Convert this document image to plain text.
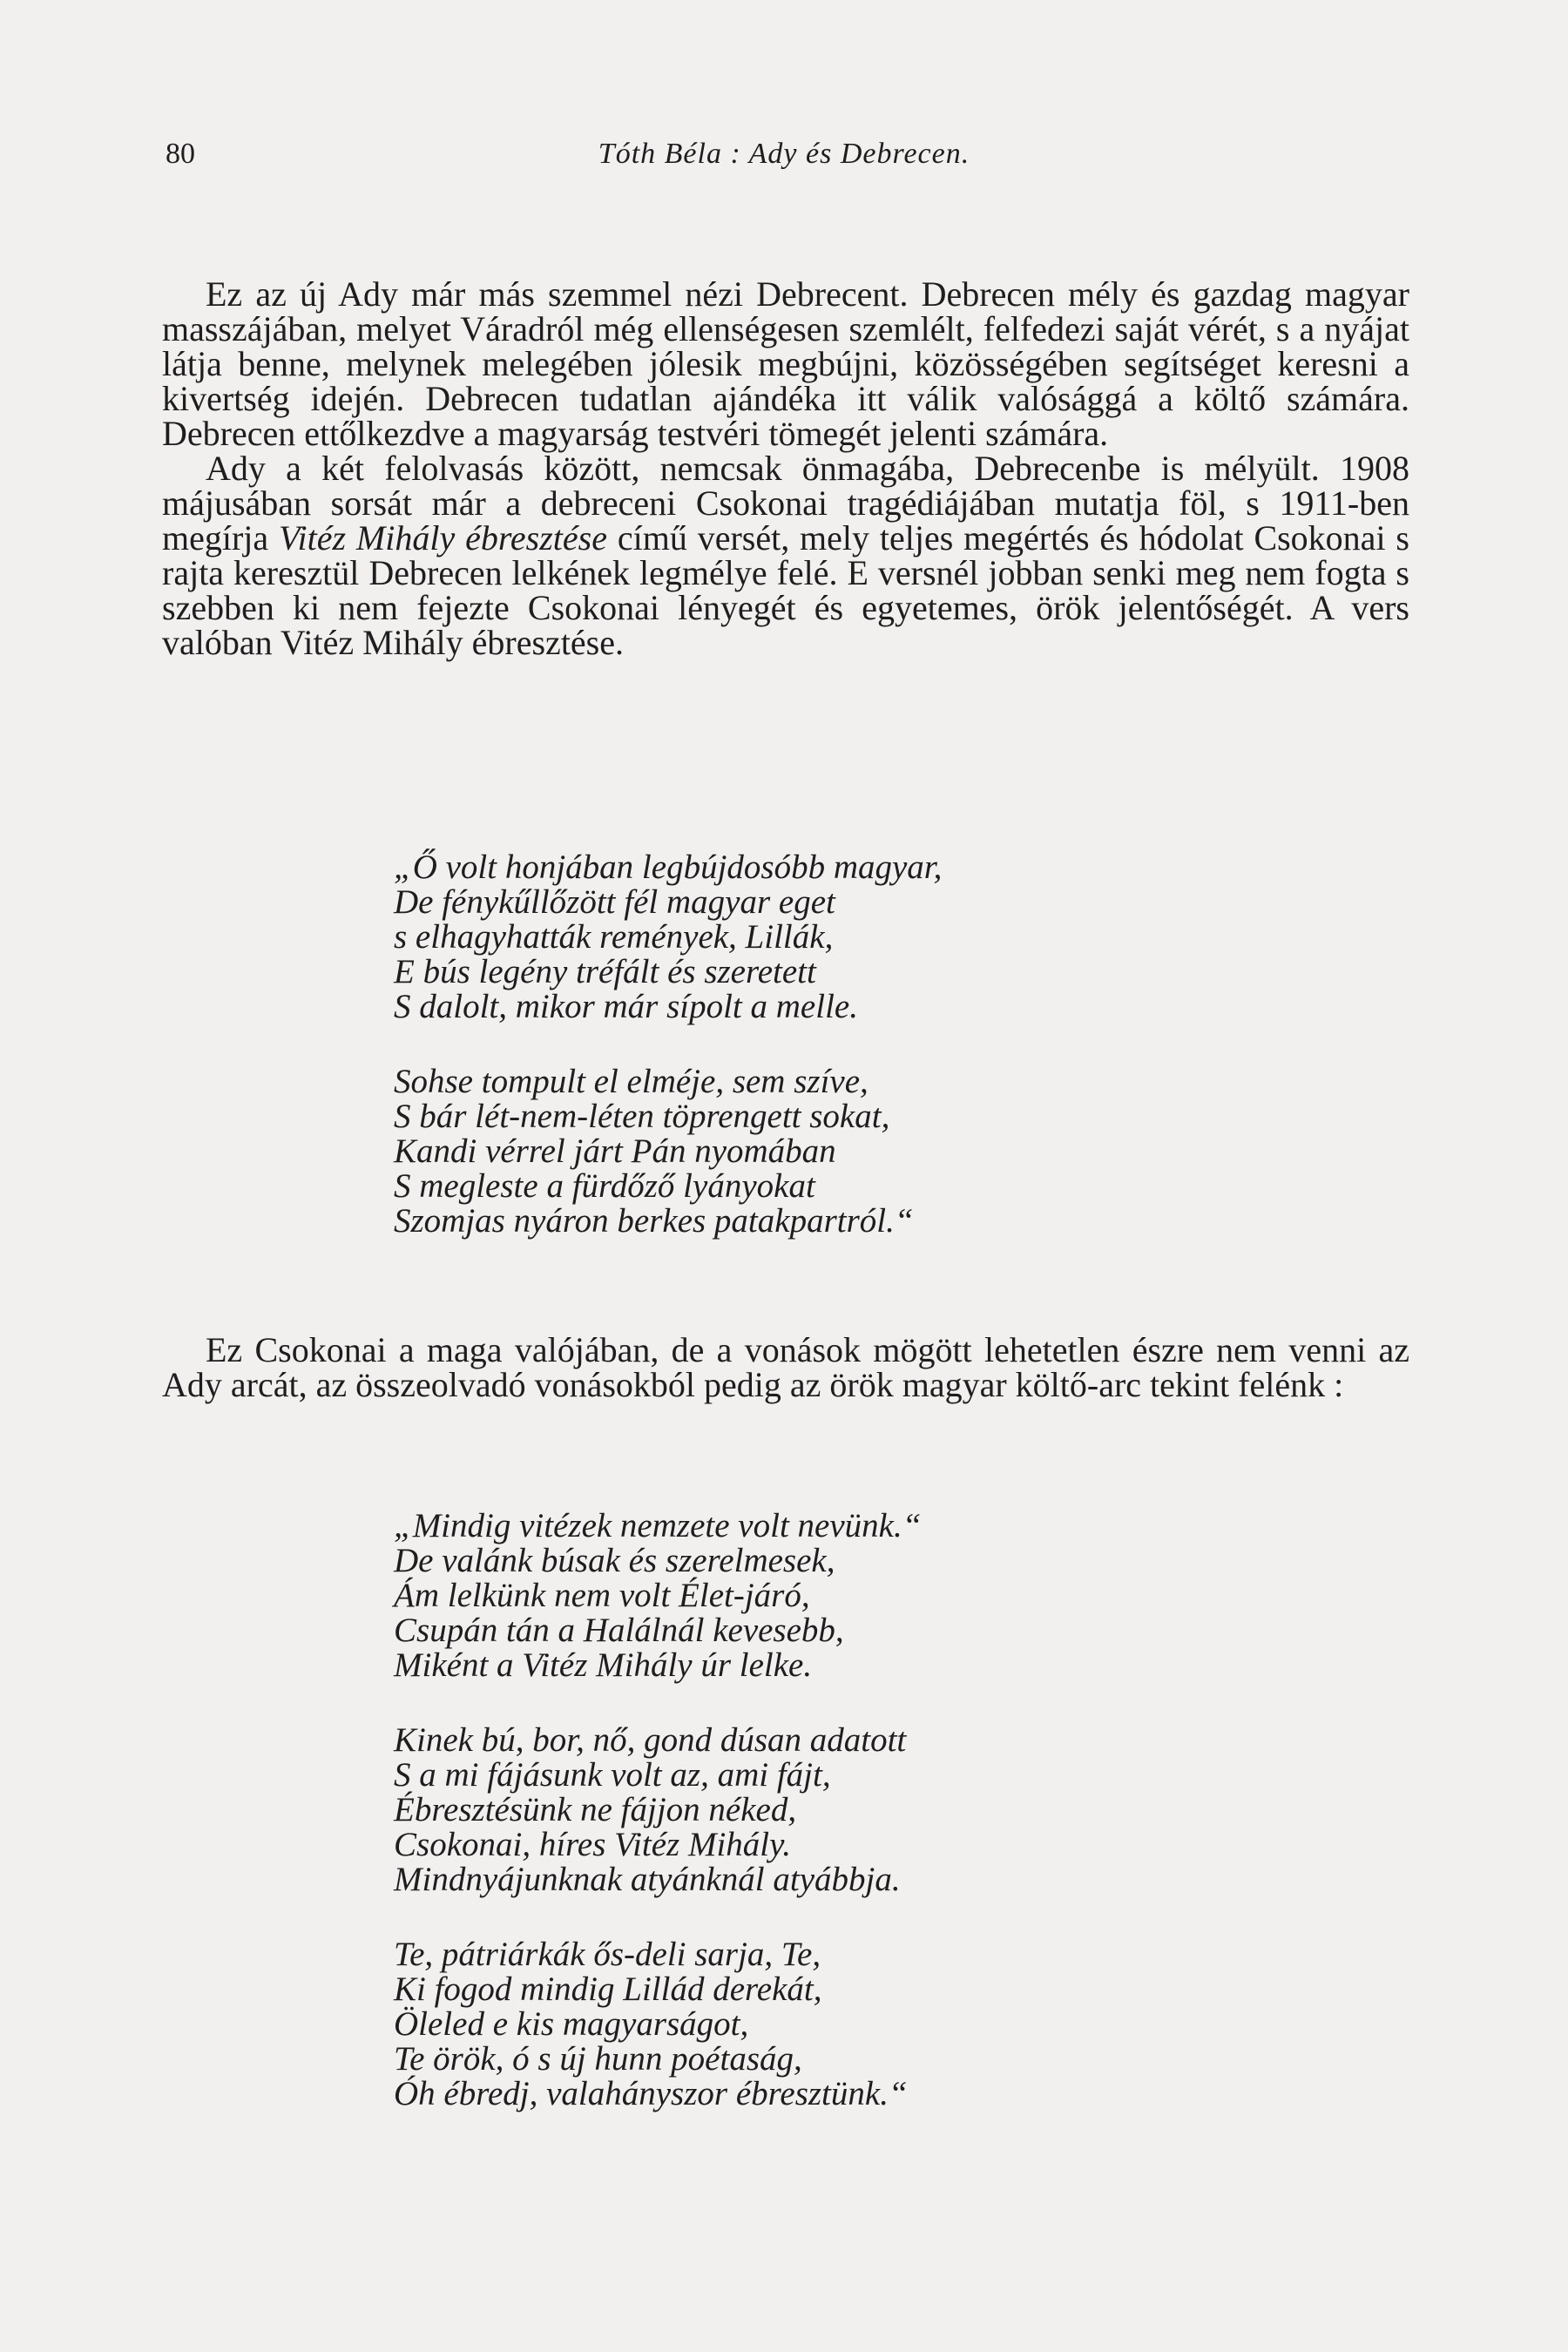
80	Tóth Béla : Ady és Debrecen.

Ez az új Ady már más szemmel nézi Debrecent. Debrecen mély és gazdag magyar masszájában, melyet Váradról még ellenségesen szemlélt, felfedezi saját vérét, s a nyájat látja benne, melynek melegében jólesik megbújni, közösségében segítséget keresni a kivertség idején. Debrecen tudatlan ajándéka itt válik valósággá a költő számára. Debrecen ettőlkezdve a magyarság testvéri tömegét jelenti számára.

Ady a két felolvasás között, nemcsak önmagába, Debrecenbe is mélyült. 1908 májusában sorsát már a debreceni Csokonai tragédiájában mutatja föl, s 1911-ben megírja Vitéz Mihály ébresztése című versét, mely teljes megértés és hódolat Csokonai s rajta keresztül Debrecen lelkének legmélye felé. E versnél jobban senki meg nem fogta s szebben ki nem fejezte Csokonai lényegét és egyetemes, örök jelentőségét. A vers valóban Vitéz Mihály ébresztése.

„Ő volt honjában legbújdosóbb magyar,
De fénykűllőzött fél magyar eget
s elhagyhatták remények, Lillák,
E bús legény tréfált és szeretett
S dalolt, mikor már sípolt a melle.
Sohse tompult el elméje, sem szíve,
S bár lét-nem-léten töprengett sokat,
Kandi vérrel járt Pán nyomában
S megleste a fürdőző lyányokat
Szomjas nyáron berkes patakpartról.“

Ez Csokonai a maga valójában, de a vonások mögött lehetetlen észre nem venni az Ady arcát, az összeolvadó vonásokból pedig az örök magyar költő-arc tekint felénk :

„Mindig vitézek nemzete volt nevünk.“
De valánk búsak és szerelmesek,
Ám lelkünk nem volt Élet-járó,
Csupán tán a Halálnál kevesebb,
Miként a Vitéz Mihály úr lelke.
Kinek bú, bor, nő, gond dúsan adatott
S a mi fájásunk volt az, ami fájt,
Ébresztésünk ne fájjon néked,
Csokonai, híres Vitéz Mihály.
Mindnyájunknak atyánknál atyábbja.
Te, pátriárkák ős-deli sarja, Te,
Ki fogod mindig Lillád derekát,
Öleled e kis magyarságot,
Te örök, ó s új hunn poétaság,
Óh ébredj, valahányszor ébresztünk.“
